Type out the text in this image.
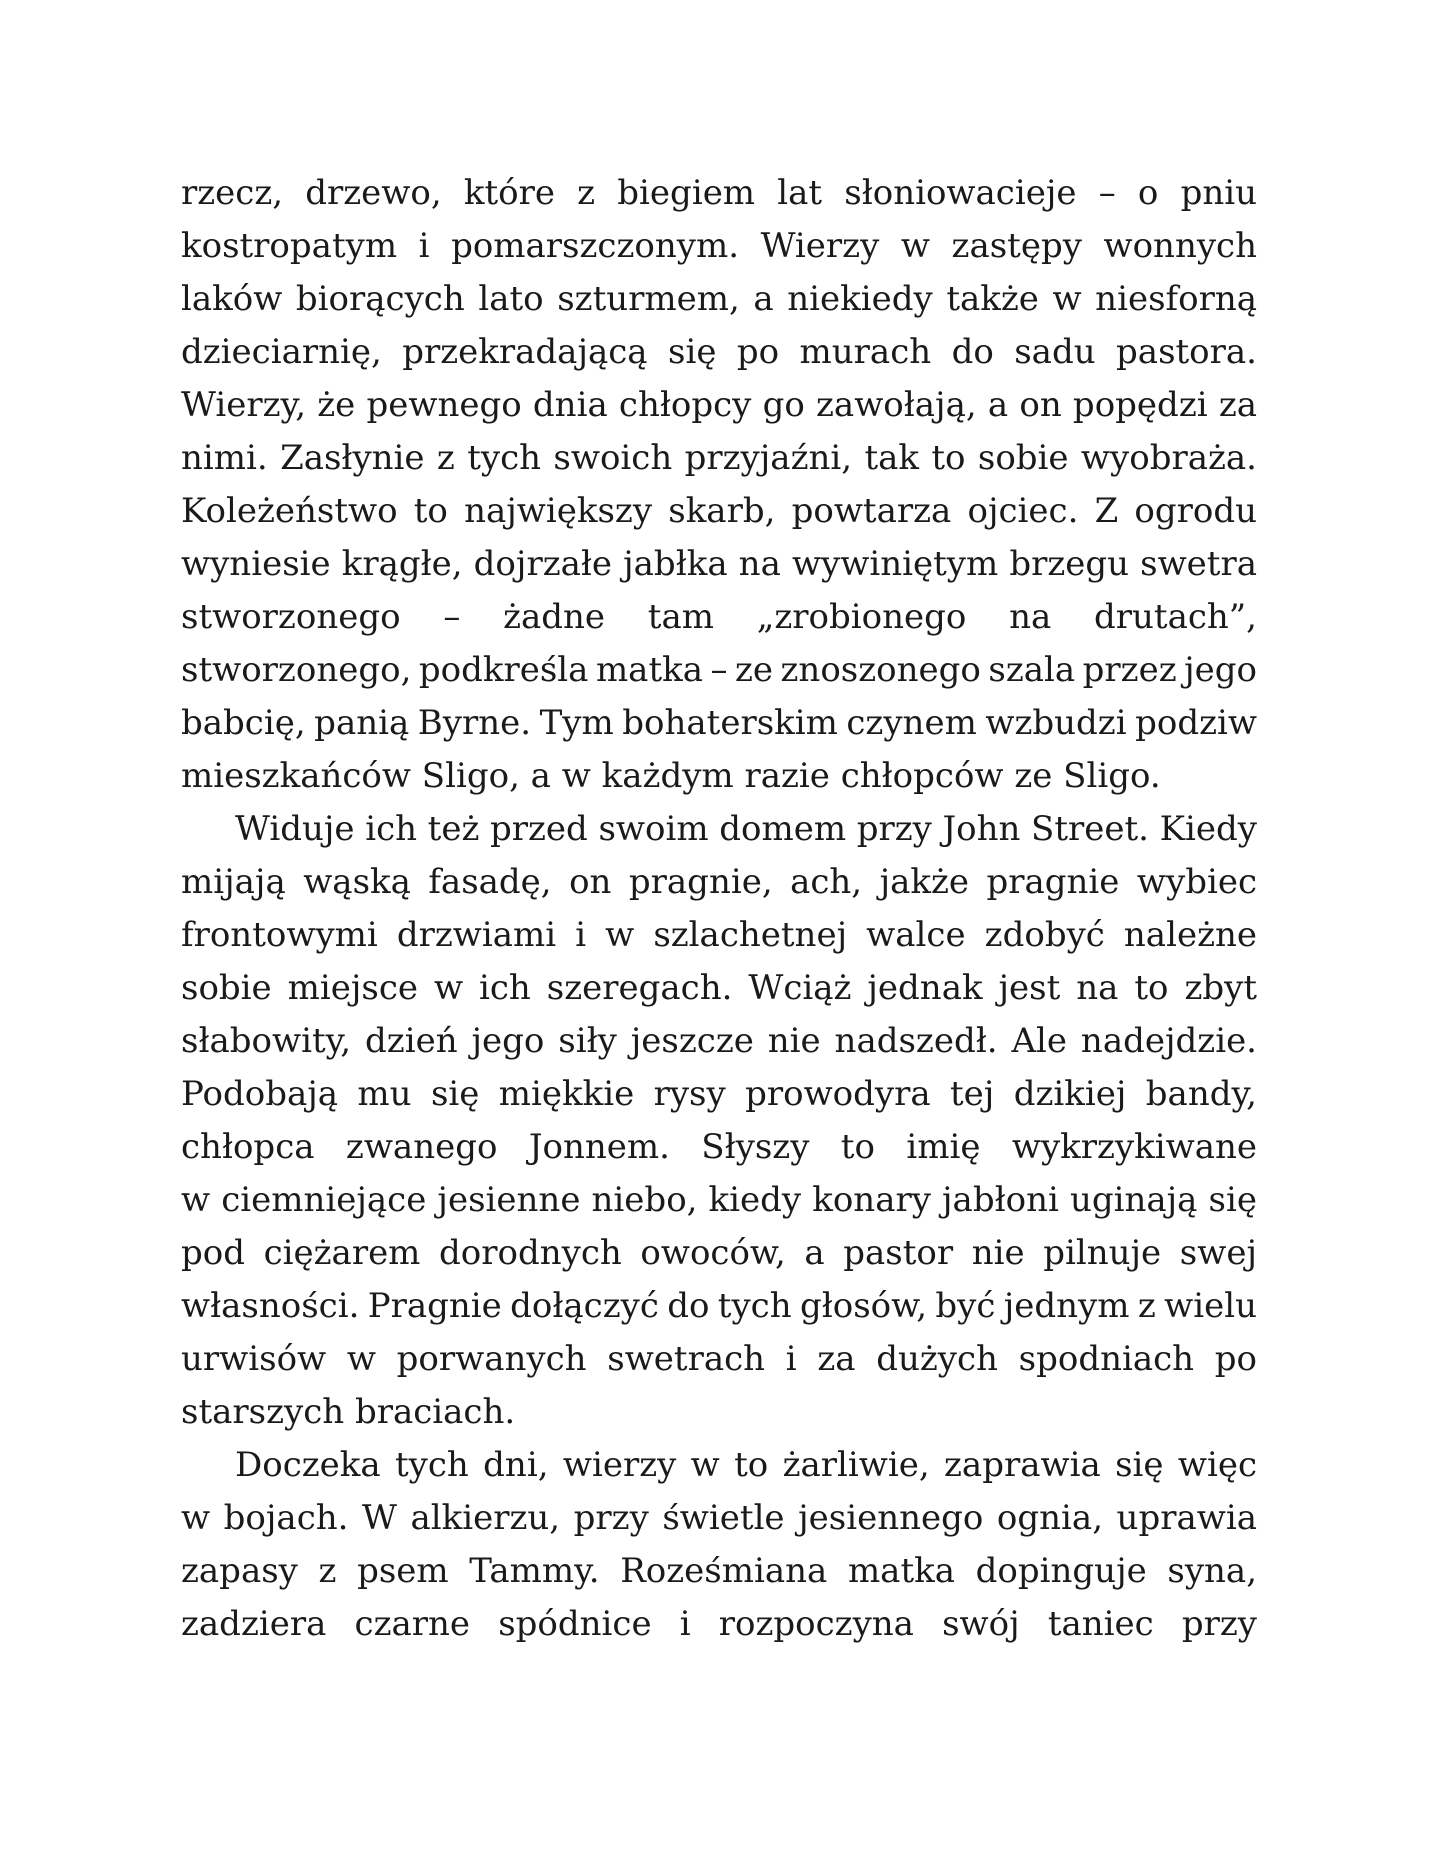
rzecz, drzewo, które z biegiem lat słoniowacieje – o pniu
kostropatym i pomarszczonym. Wierzy w zastępy wonnych
laków biorących lato szturmem, a niekiedy także w niesforną
dzieciarnię, przekradającą się po murach do sadu pastora.
Wierzy, że pewnego dnia chłopcy go zawołają, a on popędzi za
nimi. Zasłynie z tych swoich przyjaźni, tak to sobie wyobraża.
Koleżeństwo to największy skarb, powtarza ojciec. Z ogrodu
wyniesie krągłe, dojrzałe jabłka na wywiniętym brzegu swetra
stworzonego – żadne tam „zrobionego na drutach”,
stworzonego, podkreśla matka – ze znoszonego szala przez jego
babcię, panią Byrne. Tym bohaterskim czynem wzbudzi podziw
mieszkańców Sligo, a w każdym razie chłopców ze Sligo.
Widuje ich też przed swoim domem przy John Street. Kiedy
mijają wąską fasadę, on pragnie, ach, jakże pragnie wybiec
frontowymi drzwiami i w szlachetnej walce zdobyć należne
sobie miejsce w ich szeregach. Wciąż jednak jest na to zbyt
słabowity, dzień jego siły jeszcze nie nadszedł. Ale nadejdzie.
Podobają mu się miękkie rysy prowodyra tej dzikiej bandy,
chłopca zwanego Jonnem. Słyszy to imię wykrzykiwane
w ciemniejące jesienne niebo, kiedy konary jabłoni uginają się
pod ciężarem dorodnych owoców, a pastor nie pilnuje swej
własności. Pragnie dołączyć do tych głosów, być jednym z wielu
urwisów w porwanych swetrach i za dużych spodniach po
starszych braciach.
Doczeka tych dni, wierzy w to żarliwie, zaprawia się więc
w bojach. W alkierzu, przy świetle jesiennego ognia, uprawia
zapasy z psem Tammy. Roześmiana matka dopinguje syna,
zadziera czarne spódnice i rozpoczyna swój taniec przy
